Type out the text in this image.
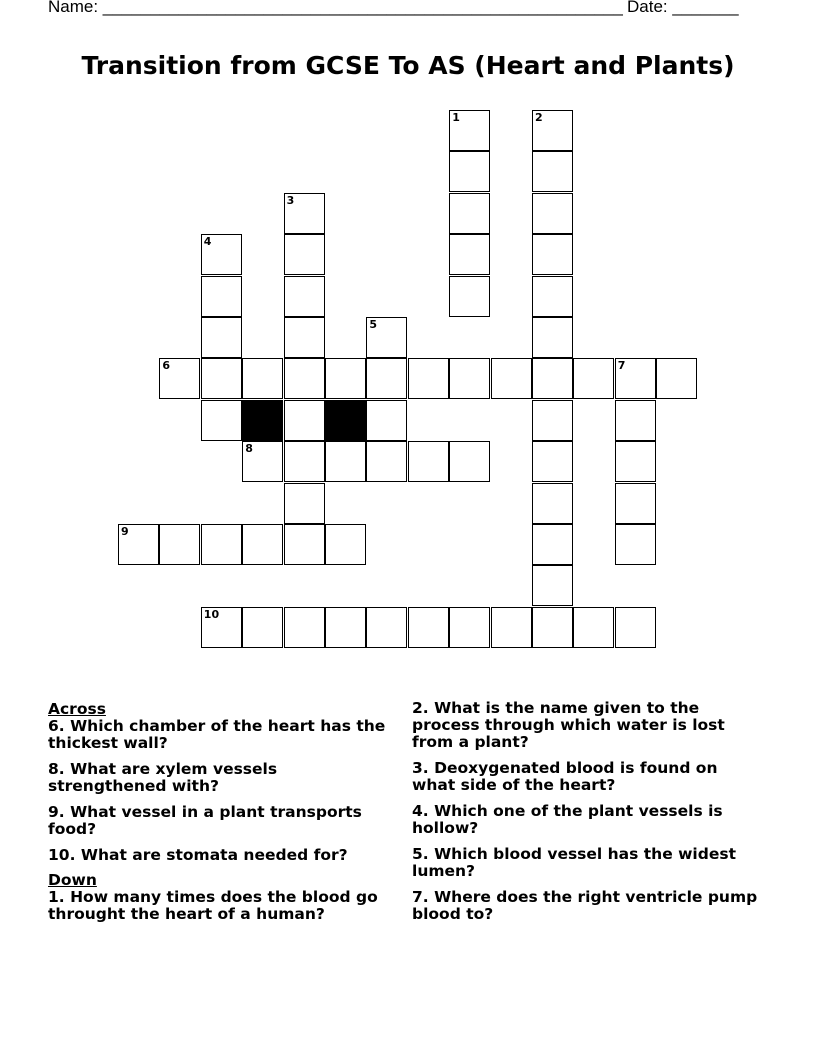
Name: _______________________________________________________ Date: _______
Transition from GCSE To AS (Heart and Plants)
1	2
3
4
5
6	7
8
9
10

Across

6. Which chamber of the heart has the thickest wall?

8. What are xylem vessels strengthened with?

9. What vessel in a plant transports food?

10. What are stomata needed for?

Down

1. How many times does the blood go throught the heart of a human?

2. What is the name given to the process through which water is lost from a plant?

3. Deoxygenated blood is found on what side of the heart?

4. Which one of the plant vessels is hollow?

5. Which blood vessel has the widest lumen?

7. Where does the right ventricle pump blood to?
